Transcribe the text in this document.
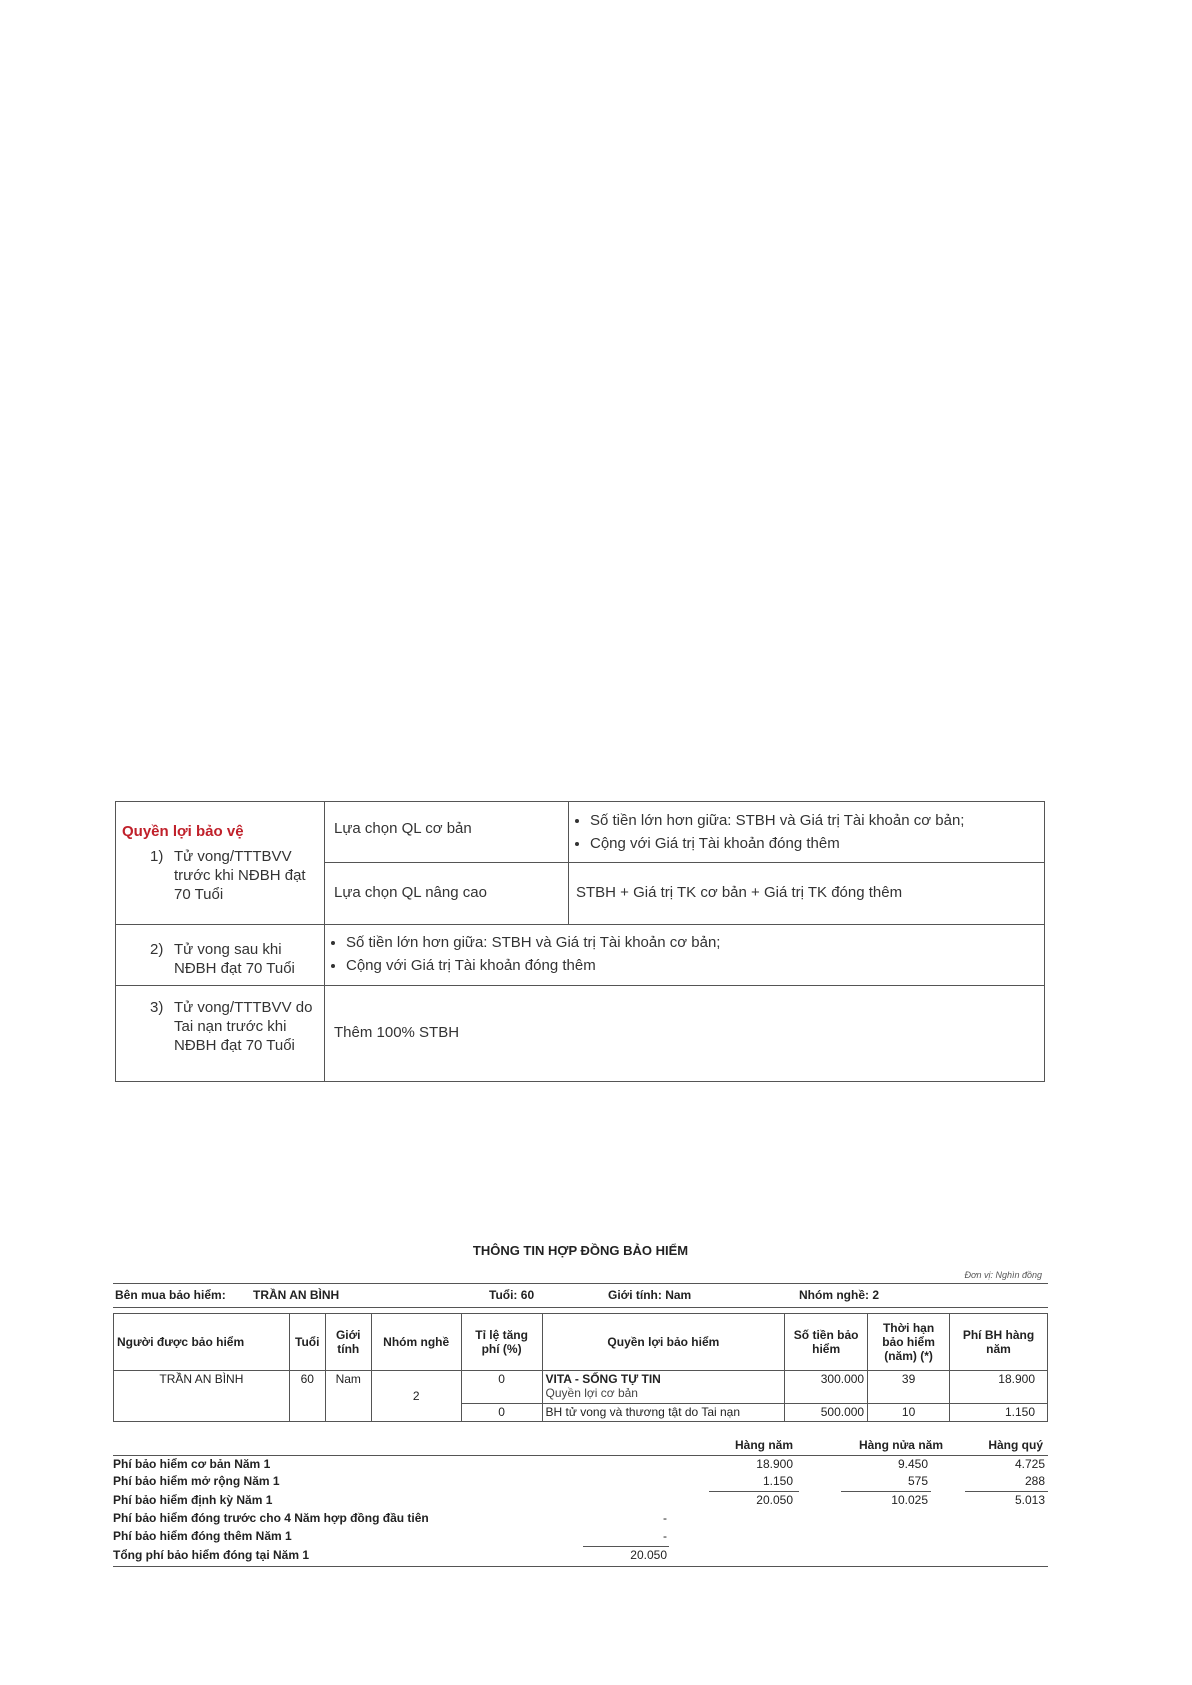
Quyền lợi bảo vệ
1) Tử vong/TTTBVV trước khi NĐBH đạt 70 Tuổi
Lựa chọn QL cơ bản	• Số tiền lớn hơn giữa: STBH và Giá trị Tài khoản cơ bản;
• Cộng với Giá trị Tài khoản đóng thêm
Lựa chọn QL nâng cao	STBH + Giá trị TK cơ bản + Giá trị TK đóng thêm
2) Tử vong sau khi NĐBH đạt 70 Tuổi
• Số tiền lớn hơn giữa: STBH và Giá trị Tài khoản cơ bản;
• Cộng với Giá trị Tài khoản đóng thêm
3) Tử vong/TTTBVV do Tai nạn trước khi NĐBH đạt 70 Tuổi
Thêm 100% STBH
THÔNG TIN HỢP ĐỒNG BẢO HIỂM
Đơn vị: Nghìn đồng
Bên mua bảo hiểm: TRẦN AN BÌNH	Tuổi: 60	Giới tính: Nam	Nhóm nghề: 2
Người được bảo hiểm	Tuổi	Giới tính	Nhóm nghề	Tỉ lệ tăng phí (%)	Quyền lợi bảo hiểm	Số tiền bảo hiểm	Thời hạn bảo hiểm (năm) (*)	Phí BH hàng năm
TRẦN AN BÌNH	60	Nam	2	0	VITA - SỐNG TỰ TIN
Quyền lợi cơ bản	300.000	39	18.900
				0	BH tử vong và thương tật do Tai nạn	500.000	10	1.150
Hàng năm	Hàng nửa năm	Hàng quý
Phí bảo hiểm cơ bản Năm 1	18.900	9.450	4.725
Phí bảo hiểm mở rộng Năm 1	1.150	575	288
Phí bảo hiểm định kỳ Năm 1	20.050	10.025	5.013
Phí bảo hiểm đóng trước cho 4 Năm hợp đồng đầu tiên	-
Phí bảo hiểm đóng thêm Năm 1	-
Tổng phí bảo hiểm đóng tại Năm 1	20.050
